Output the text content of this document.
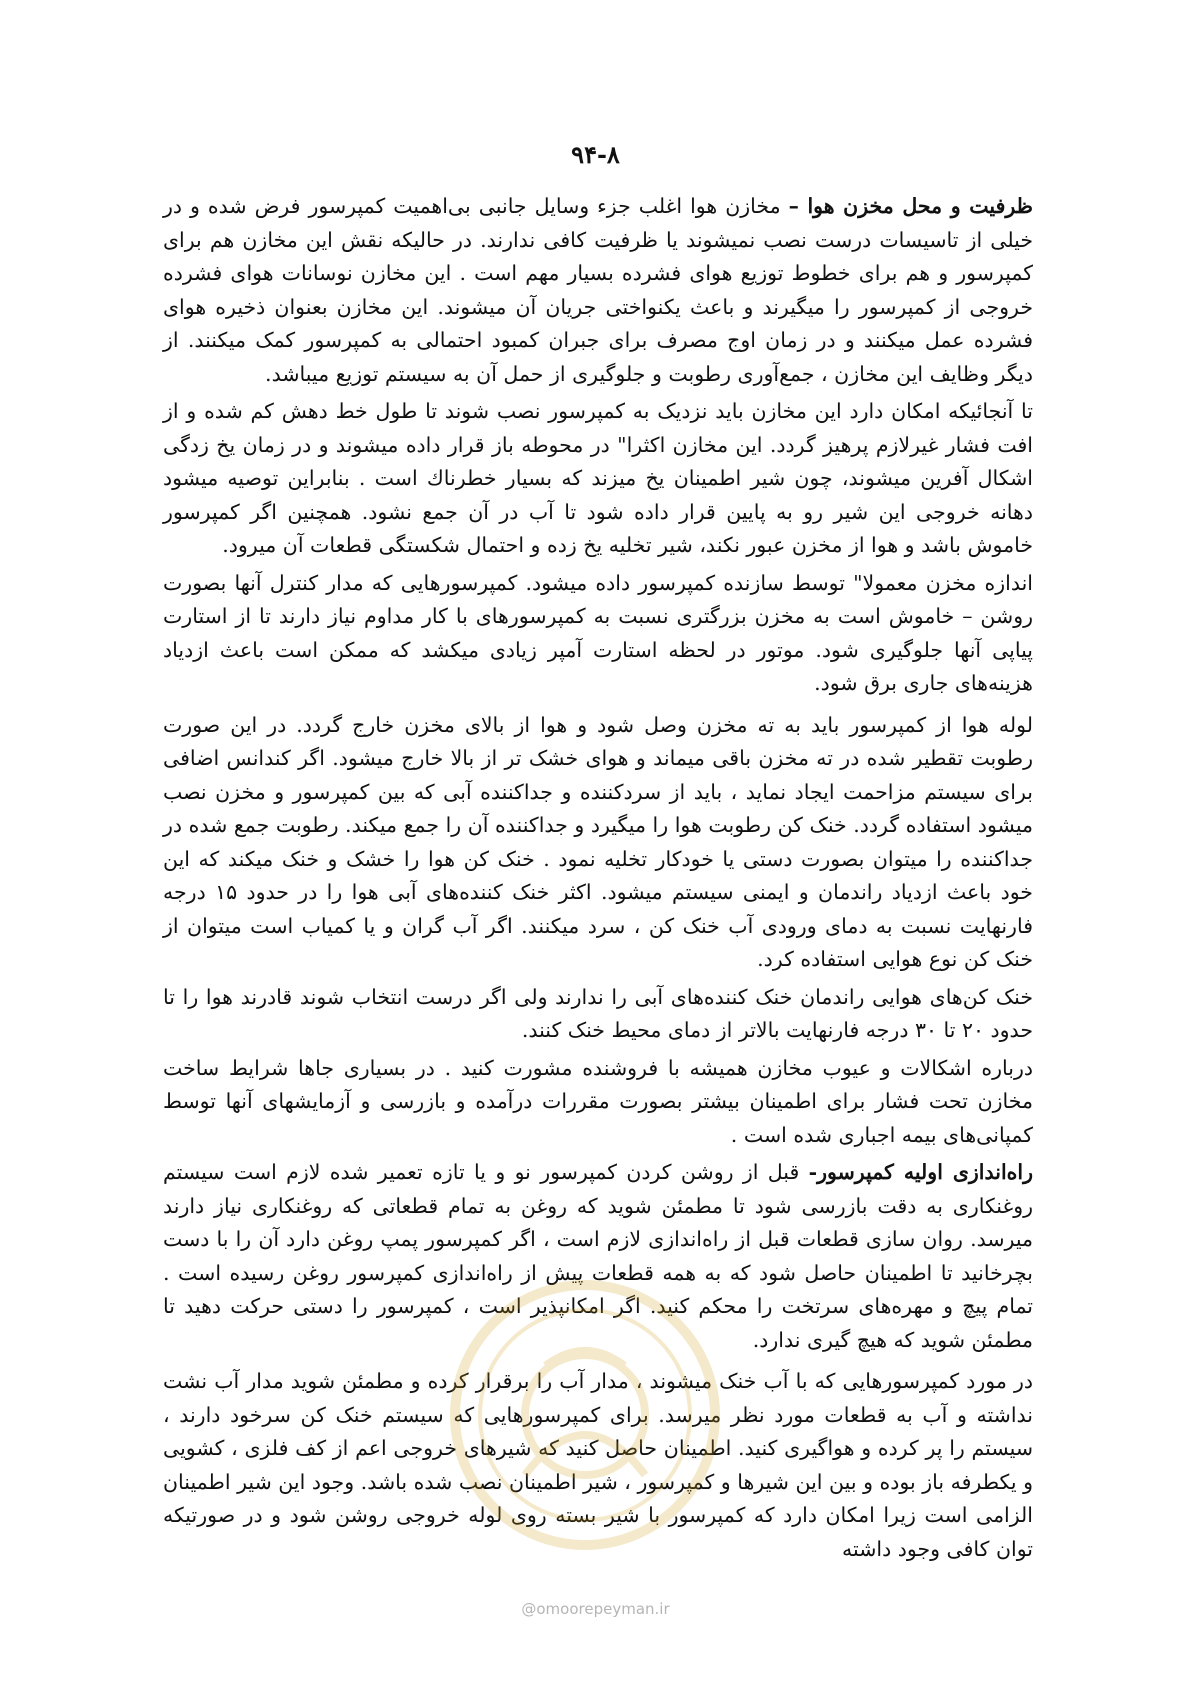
۹۴-۸

ظرفیت و محل مخزن هوا – مخازن هوا اغلب جزء وسایل جانبی بی‌اهمیت کمپرسور فرض شده و در خیلی از تاسیسات درست نصب نمیشوند یا ظرفیت کافی ندارند. در حالیکه نقش این مخازن هم برای کمپرسور و هم برای خطوط توزیع هوای فشرده بسیار مهم است . این مخازن نوسانات هوای فشرده خروجی از کمپرسور را میگیرند و باعث یکنواختی جریان آن میشوند. این مخازن بعنوان ذخیره هوای فشرده عمل میکنند و در زمان اوج مصرف برای جبران کمبود احتمالی به کمپرسور کمک میکنند. از دیگر وظایف این مخازن ، جمع‌آوری رطوبت و جلوگیری از حمل آن به سیستم توزیع میباشد.

تا آنجائیکه امکان دارد این مخازن باید نزدیک به کمپرسور نصب شوند تا طول خط دهش کم شده و از افت فشار غیرلازم پرهیز گردد. این مخازن اکثرا" در محوطه باز قرار داده میشوند و در زمان یخ زدگی اشکال آفرین میشوند، چون شیر اطمینان یخ میزند که بسیار خطرناك است . بنابراین توصیه میشود دهانه خروجی این شیر رو به پایین قرار داده شود تا آب در آن جمع نشود. همچنین اگر کمپرسور خاموش باشد و هوا از مخزن عبور نکند، شیر تخلیه یخ زده و احتمال شکستگی قطعات آن میرود.

اندازه مخزن معمولا" توسط سازنده کمپرسور داده میشود. کمپرسورهایی که مدار کنترل آنها بصورت روشن – خاموش است به مخزن بزرگتری نسبت به کمپرسورهای با کار مداوم نیاز دارند تا از استارت پیاپی آنها جلوگیری شود. موتور در لحظه استارت آمپر زیادی میکشد که ممکن است باعث ازدیاد هزینه‌های جاری برق شود.

لوله هوا از کمپرسور باید به ته مخزن وصل شود و هوا از بالای مخزن خارج گردد. در این صورت رطوبت تقطیر شده در ته مخزن باقی میماند و هوای خشک تر از بالا خارج میشود. اگر کندانس اضافی برای سیستم مزاحمت ایجاد نماید ، باید از سردکننده و جداکننده آبی که بین کمپرسور و مخزن نصب میشود استفاده گردد. خنک کن رطوبت هوا را میگیرد و جداکننده آن را جمع میکند. رطوبت جمع شده در جداکننده را میتوان بصورت دستی یا خودکار تخلیه نمود . خنک کن هوا را خشک و خنک میکند که این خود باعث ازدیاد راندمان و ایمنی سیستم میشود. اکثر خنک کننده‌های آبی هوا را در حدود ۱۵ درجه فارنهایت نسبت به دمای ورودی آب خنک کن ، سرد میکنند. اگر آب گران و یا کمیاب است میتوان از خنک کن نوع هوایی استفاده کرد.

خنک کن‌های هوایی راندمان خنک کننده‌های آبی را ندارند ولی اگر درست انتخاب شوند قادرند هوا را تا حدود ۲۰ تا ۳۰ درجه فارنهایت بالاتر از دمای محیط خنک کنند.

درباره اشکالات و عیوب مخازن همیشه با فروشنده مشورت کنید . در بسیاری جاها شرایط ساخت مخازن تحت فشار برای اطمینان بیشتر بصورت مقررات درآمده و بازرسی و آزمایشهای آنها توسط کمپانی‌های بیمه اجباری شده است .

راه‌اندازی اولیه کمپرسور- قبل از روشن کردن کمپرسور نو و یا تازه تعمیر شده لازم است سیستم روغنکاری به دقت بازرسی شود تا مطمئن شوید که روغن به تمام قطعاتی که روغنکاری نیاز دارند میرسد. روان سازی قطعات قبل از راه‌اندازی لازم است ، اگر کمپرسور پمپ روغن دارد آن را با دست بچرخانید تا اطمینان حاصل شود که به همه قطعات پیش از راه‌اندازی کمپرسور روغن رسیده است . تمام پیچ و مهره‌های سرتخت را محکم کنید. اگر امکانپذیر است ، کمپرسور را دستی حرکت دهید تا مطمئن شوید که هیچ گیری ندارد.

در مورد کمپرسورهایی که با آب خنک میشوند ، مدار آب را برقرار کرده و مطمئن شوید مدار آب نشت نداشته و آب به قطعات مورد نظر میرسد. برای کمپرسورهایی که سیستم خنک کن سرخود دارند ، سیستم را پر کرده و هواگیری کنید. اطمینان حاصل کنید که شیرهای خروجی اعم از کف فلزی ، کشویی و یکطرفه باز بوده و بین این شیرها و کمپرسور ، شیر اطمینان نصب شده باشد. وجود این شیر اطمینان الزامی است زیرا امکان دارد که کمپرسور با شیر بسته روی لوله خروجی روشن شود و در صورتیکه توان کافی وجود داشته

@omoorepeyman.ir
